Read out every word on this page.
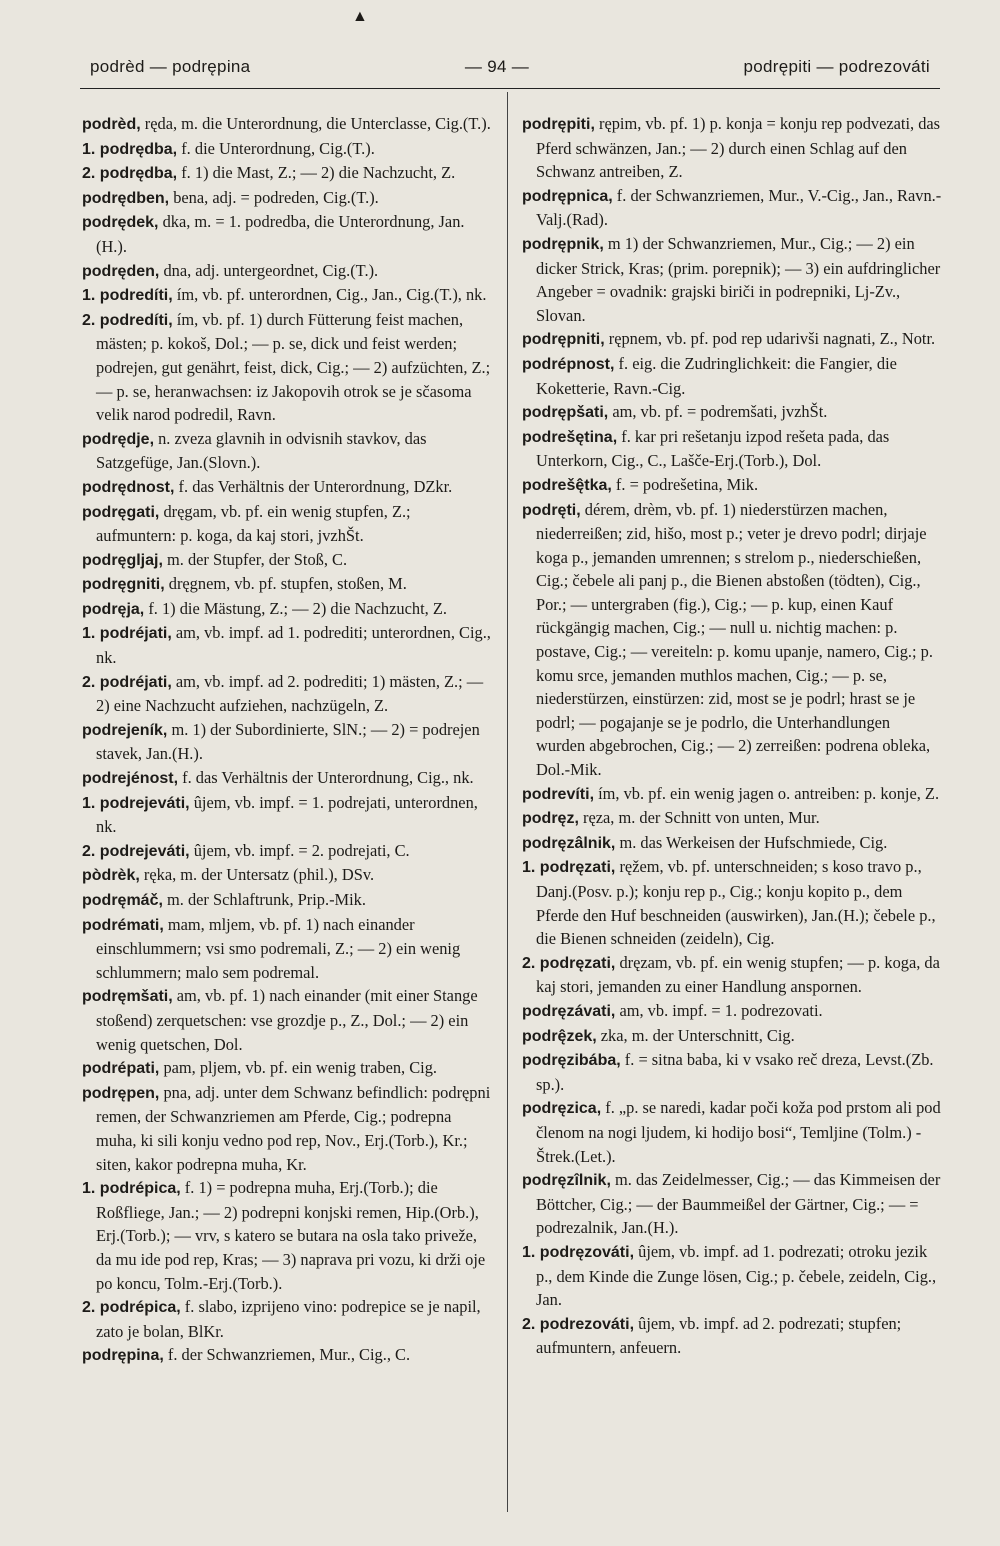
▲
podrèd — podrępina	— 94 —	podrępiti — podrezováti

podrèd, ręda, m. die Unterordnung, die Unterclasse, Cig.(T.).

1. podrędba, f. die Unterordnung, Cig.(T.).

2. podrędba, f. 1) die Mast, Z.; — 2) die Nachzucht, Z.

podrędben, bena, adj. = podreden, Cig.(T.).

podrędek, dka, m. = 1. podredba, die Unterordnung, Jan.(H.).

podręden, dna, adj. untergeordnet, Cig.(T.).

1. podredíti, ím, vb. pf. unterordnen, Cig., Jan., Cig.(T.), nk.

2. podredíti, ím, vb. pf. 1) durch Fütterung feist machen, mästen; p. kokoš, Dol.; — p. se, dick und feist werden; podrejen, gut genährt, feist, dick, Cig.; — 2) aufzüchten, Z.; — p. se, heranwachsen: iz Jakopovih otrok se je sčasoma velik narod podredil, Ravn.

podrędje, n. zveza glavnih in odvisnih stavkov, das Satzgefüge, Jan.(Slovn.).

podrędnost, f. das Verhältnis der Unterordnung, DZkr.

podręgati, dręgam, vb. pf. ein wenig stupfen, Z.; aufmuntern: p. koga, da kaj stori, jvzhŠt.

podręgljaj, m. der Stupfer, der Stoß, C.

podręgniti, dręgnem, vb. pf. stupfen, stoßen, M.

podręja, f. 1) die Mästung, Z.; — 2) die Nachzucht, Z.

1. podréjati, am, vb. impf. ad 1. podrediti; unterordnen, Cig., nk.

2. podréjati, am, vb. impf. ad 2. podrediti; 1) mästen, Z.; — 2) eine Nachzucht aufziehen, nachzügeln, Z.

podrejeník, m. 1) der Subordinierte, SlN.; — 2) = podrejen stavek, Jan.(H.).

podrejénost, f. das Verhältnis der Unterordnung, Cig., nk.

1. podrejeváti, ûjem, vb. impf. = 1. podrejati, unterordnen, nk.

2. podrejeváti, ûjem, vb. impf. = 2. podrejati, C.

pòdrèk, ręka, m. der Untersatz (phil.), DSv.

podręmáč, m. der Schlaftrunk, Prip.-Mik.

podrémati, mam, mljem, vb. pf. 1) nach einander einschlummern; vsi smo podremali, Z.; — 2) ein wenig schlummern; malo sem podremal.

podręmšati, am, vb. pf. 1) nach einander (mit einer Stange stoßend) zerquetschen: vse grozdje p., Z., Dol.; — 2) ein wenig quetschen, Dol.

podrépati, pam, pljem, vb. pf. ein wenig traben, Cig.

podręрen, pna, adj. unter dem Schwanz befindlich: podręрni remen, der Schwanzriemen am Pferde, Cig.; podrepna muha, ki sili konju vedno pod rep, Nov., Erj.(Torb.), Kr.; siten, kakor podrepna muha, Kr.

1. podrépica, f. 1) = podrepna muha, Erj.(Torb.); die Roßfliege, Jan.; — 2) podrepni konjski remen, Hip.(Orb.), Erj.(Torb.); — vrv, s katero se butara na osla tako priveže, da mu ide pod rep, Kras; — 3) naprava pri vozu, ki drži oje po koncu, Tolm.-Erj.(Torb.).

2. podrépica, f. slabo, izprijeno vino: podrepice se je napil, zato je bolan, BlKr.

podrępina, f. der Schwanzriemen, Mur., Cig., C.

podrępiti, ręрim, vb. pf. 1) p. konja = konju rep podvezati, das Pferd schwänzen, Jan.; — 2) durch einen Schlag auf den Schwanz antreiben, Z.

podręрnica, f. der Schwanzriemen, Mur., V.-Cig., Jan., Ravn.-Valj.(Rad).

podręрnik, m 1) der Schwanzriemen, Mur., Cig.; — 2) ein dicker Strick, Kras; (prim. porepnik); — 3) ein aufdringlicher Angeber = ovadnik: grajski biriči in podrepniki, Lj-Zv., Slovan.

podręрniti, ręрnem, vb. pf. pod rep udarivši nagnati, Z., Notr.

podrépnost, f. eig. die Zudringlichkeit: die Fangier, die Koketterie, Ravn.-Cig.

podręрšati, am, vb. pf. = podremšati, jvzhŠt.

podrešętina, f. kar pri rešetanju izpod rešeta pada, das Unterkorn, Cig., C., Lašče-Erj.(Torb.), Dol.

podrešę̂tka, f. = podrešetina, Mik.

podręti, dérem, drèm, vb. pf. 1) niederstürzen machen, niederreißen; zid, hišo, most p.; veter je drevo podrl; dirjaje koga p., jemanden umrennen; s strelom p., niederschießen, Cig.; čebele ali panj p., die Bienen abstoßen (tödten), Cig., Por.; — untergraben (fig.), Cig.; — p. kup, einen Kauf rückgängig machen, Cig.; — null u. nichtig machen: p. postave, Cig.; — vereiteln: p. komu upanje, namero, Cig.; p. komu srce, jemanden muthlos machen, Cig.; — p. se, niederstürzen, einstürzen: zid, most se je podrl; hrast se je podrl; — pogajanje se je podrlo, die Unterhandlungen wurden abgebrochen, Cig.; — 2) zerreißen: podrena obleka, Dol.-Mik.

podrevíti, ím, vb. pf. ein wenig jagen o. antreiben: p. konje, Z.

podręz, ręza, m. der Schnitt von unten, Mur.

podręzâlnik, m. das Werkeisen der Hufschmiede, Cig.

1. podręzati, ręžem, vb. pf. unterschneiden; s koso travo p., Danj.(Posv. p.); konju rep p., Cig.; konju kopito p., dem Pferde den Huf beschneiden (auswirken), Jan.(H.); čebele p., die Bienen schneiden (zeideln), Cig.

2. podręzati, dręzam, vb. pf. ein wenig stupfen; — p. koga, da kaj stori, jemanden zu einer Handlung anspornen.

podręzávati, am, vb. impf. = 1. podrezovati.

podrę̂zek, zka, m. der Unterschnitt, Cig.

podręzibába, f. = sitna baba, ki v vsako reč dreza, Levst.(Zb. sp.).

podręzica, f. „p. se naredi, kadar poči koža pod prstom ali pod členom na nogi ljudem, ki hodijo bosi“, Temljine (Tolm.) - Štrek.(Let.).

podręzîlnik, m. das Zeidelmesser, Cig.; — das Kimmeisen der Böttcher, Cig.; — der Baummeißel der Gärtner, Cig.; — = podrezalnik, Jan.(H.).

1. podręzováti, ûjem, vb. impf. ad 1. podrezati; otroku jezik p., dem Kinde die Zunge lösen, Cig.; p. čebele, zeideln, Cig., Jan.

2. podrezováti, ûjem, vb. impf. ad 2. podrezati; stupfen; aufmuntern, anfeuern.
